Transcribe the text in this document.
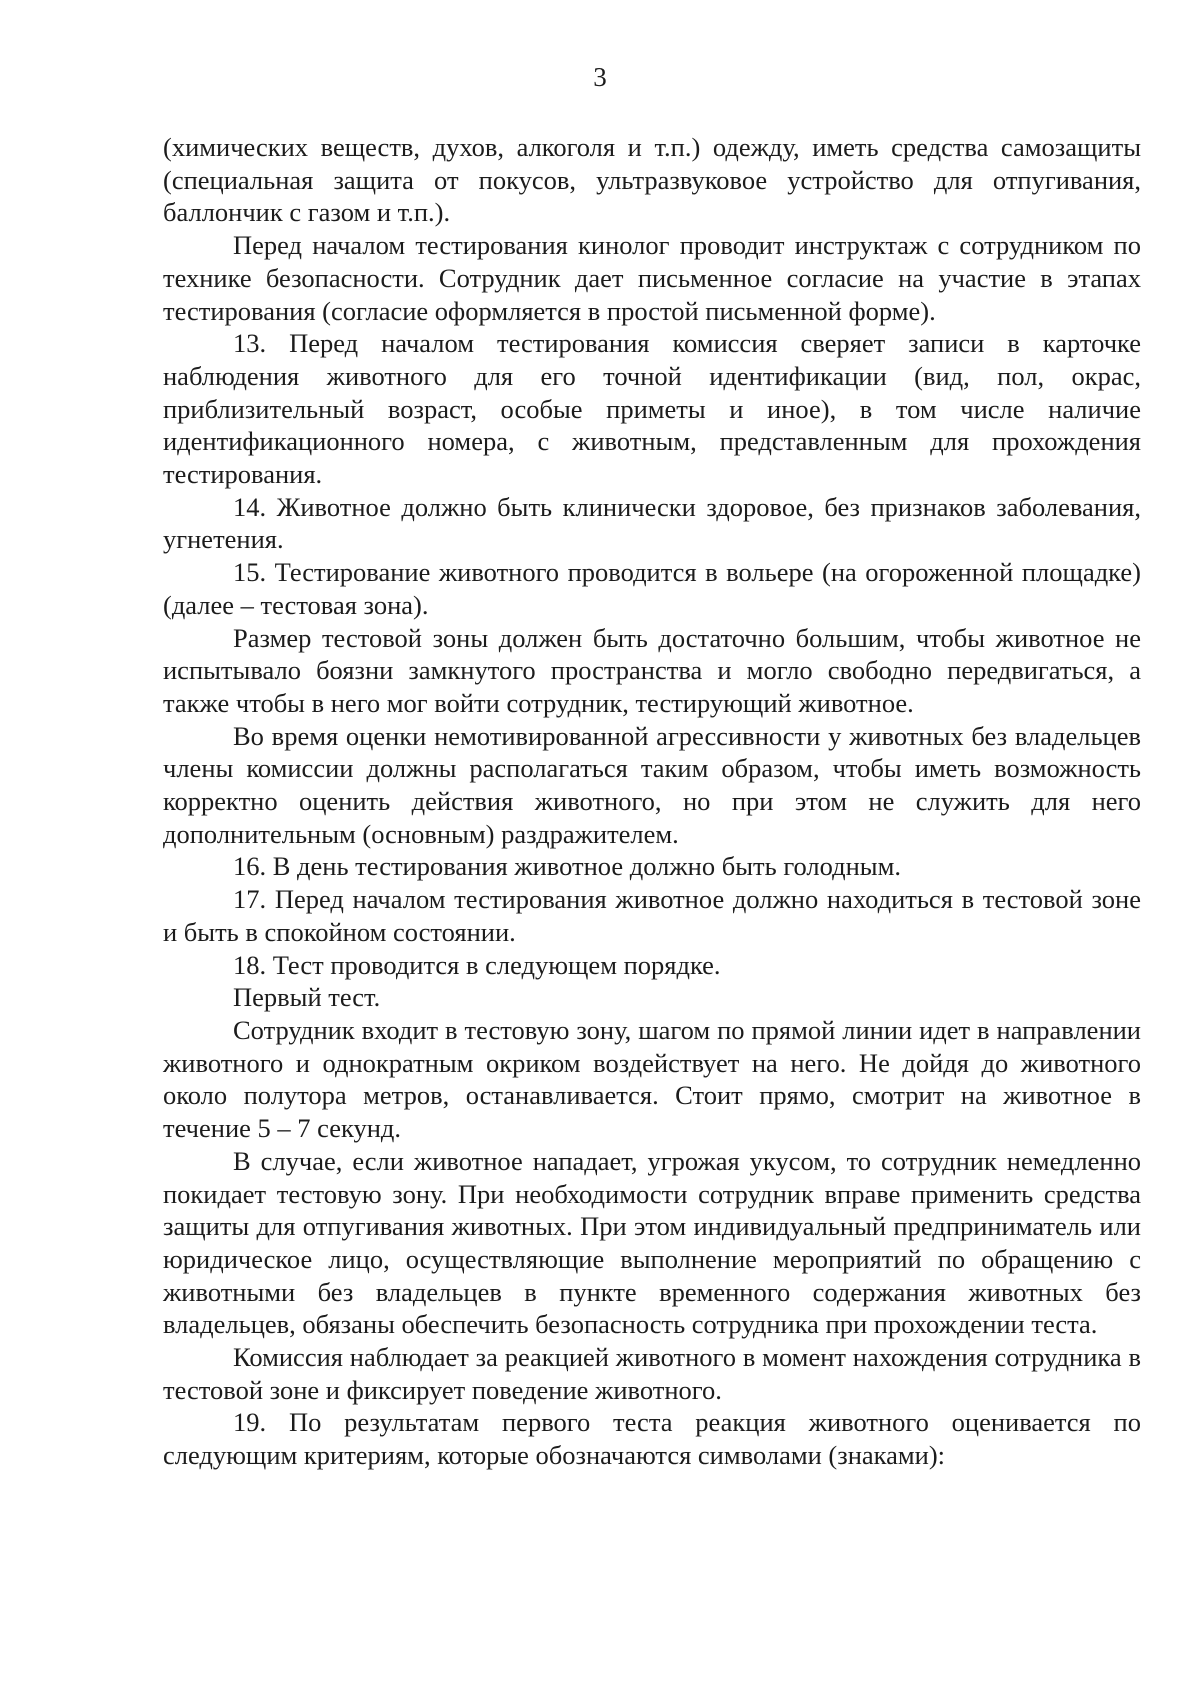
3

(химических веществ, духов, алкоголя и т.п.) одежду, иметь средства самозащиты (специальная защита от покусов, ультразвуковое устройство для отпугивания, баллончик с газом и т.п.).

Перед началом тестирования кинолог проводит инструктаж с сотрудником по технике безопасности. Сотрудник дает письменное согласие на участие в этапах тестирования (согласие оформляется в простой письменной форме).

13. Перед началом тестирования комиссия сверяет записи в карточке наблюдения животного для его точной идентификации (вид, пол, окрас, приблизительный возраст, особые приметы и иное), в том числе наличие идентификационного номера, с животным, представленным для прохождения тестирования.

14. Животное должно быть клинически здоровое, без признаков заболевания, угнетения.

15. Тестирование животного проводится в вольере (на огороженной площадке) (далее – тестовая зона).

Размер тестовой зоны должен быть достаточно большим, чтобы животное не испытывало боязни замкнутого пространства и могло свободно передвигаться, а также чтобы в него мог войти сотрудник, тестирующий животное.

Во время оценки немотивированной агрессивности у животных без владельцев члены комиссии должны располагаться таким образом, чтобы иметь возможность корректно оценить действия животного, но при этом не служить для него дополнительным (основным) раздражителем.

16. В день тестирования животное должно быть голодным.

17. Перед началом тестирования животное должно находиться в тестовой зоне и быть в спокойном состоянии.

18. Тест проводится в следующем порядке.

Первый тест.

Сотрудник входит в тестовую зону, шагом по прямой линии идет в направлении животного и однократным окриком воздействует на него. Не дойдя до животного около полутора метров, останавливается. Стоит прямо, смотрит на животное в течение 5 – 7 секунд.

В случае, если животное нападает, угрожая укусом, то сотрудник немедленно покидает тестовую зону. При необходимости сотрудник вправе применить средства защиты для отпугивания животных. При этом индивидуальный предприниматель или юридическое лицо, осуществляющие выполнение мероприятий по обращению с животными без владельцев в пункте временного содержания животных без владельцев, обязаны обеспечить безопасность сотрудника при прохождении теста.

Комиссия наблюдает за реакцией животного в момент нахождения сотрудника в тестовой зоне и фиксирует поведение животного.

19. По результатам первого теста реакция животного оценивается по следующим критериям, которые обозначаются символами (знаками):
